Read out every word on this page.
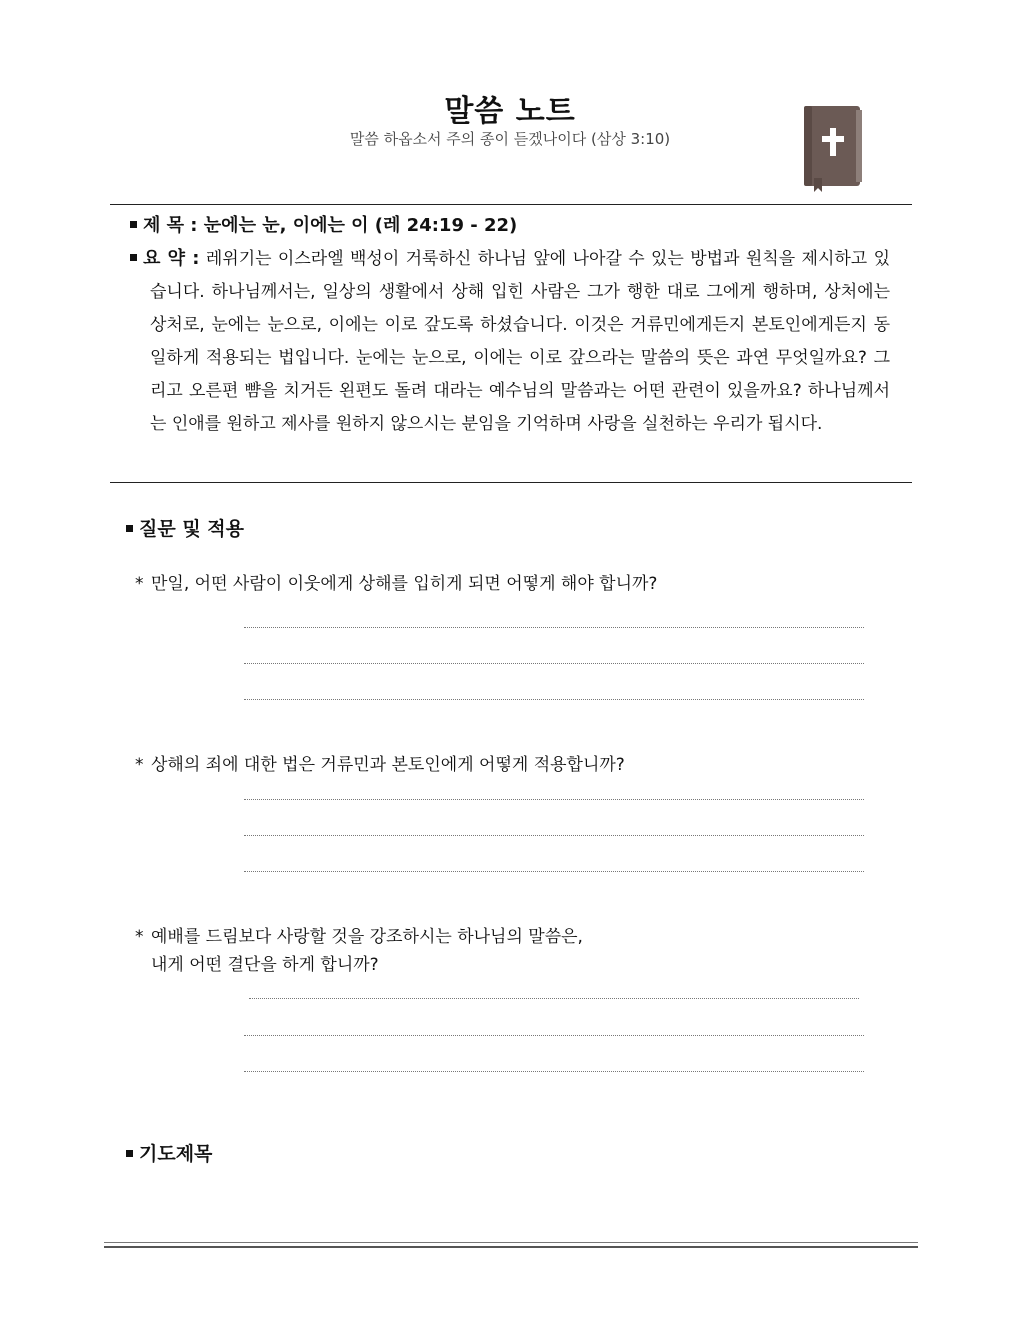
말씀 노트
말씀 하옵소서 주의 종이 듣겠나이다 (삼상 3:10)
제 목 : 눈에는 눈, 이에는 이 (레 24:19 - 22)
요 약 : 레위기는 이스라엘 백성이 거룩하신 하나님 앞에 나아갈 수 있는 방법과 원칙을 제시하고 있습니다. 하나님께서는, 일상의 생활에서 상해 입힌 사람은 그가 행한 대로 그에게 행하며, 상처에는 상처로, 눈에는 눈으로, 이에는 이로 갚도록 하셨습니다. 이것은 거류민에게든지 본토인에게든지 동일하게 적용되는 법입니다. 눈에는 눈으로, 이에는 이로 갚으라는 말씀의 뜻은 과연 무엇일까요? 그리고 오른편 뺨을 치거든 왼편도 돌려 대라는 예수님의 말씀과는 어떤 관련이 있을까요? 하나님께서는 인애를 원하고 제사를 원하지 않으시는 분임을 기억하며 사랑을 실천하는 우리가 됩시다.
질문 및 적용
* 만일, 어떤 사람이 이웃에게 상해를 입히게 되면 어떻게 해야 합니까?
* 상해의 죄에 대한 법은 거류민과 본토인에게 어떻게 적용합니까?
* 예배를 드림보다 사랑할 것을 강조하시는 하나님의 말씀은,
내게 어떤 결단을 하게 합니까?
기도제목
